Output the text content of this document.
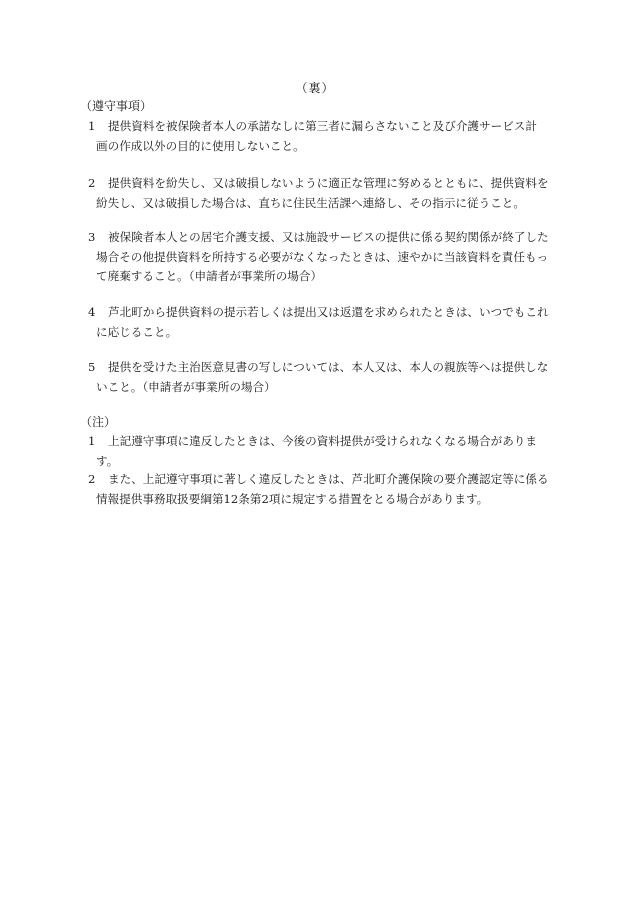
（裏）
（遵守事項）
1 提供資料を被保険者本人の承諾なしに第三者に漏らさないこと及び介護サービス計
画の作成以外の目的に使用しないこと。
2 提供資料を紛失し、又は破損しないように適正な管理に努めるとともに、提供資料を
紛失し、又は破損した場合は、直ちに住民生活課へ連絡し、その指示に従うこと。
3 被保険者本人との居宅介護支援、又は施設サービスの提供に係る契約関係が終了した
場合その他提供資料を所持する必要がなくなったときは、速やかに当該資料を責任もっ
て廃棄すること。（申請者が事業所の場合）
4 芦北町から提供資料の提示若しくは提出又は返還を求められたときは、いつでもこれ
に応じること。
5 提供を受けた主治医意見書の写しについては、本人又は、本人の親族等へは提供しな
いこと。（申請者が事業所の場合）
（注）
1 上記遵守事項に違反したときは、今後の資料提供が受けられなくなる場合がありま
す。
2 また、上記遵守事項に著しく違反したときは、芦北町介護保険の要介護認定等に係る
情報提供事務取扱要綱第12条第2項に規定する措置をとる場合があります。
